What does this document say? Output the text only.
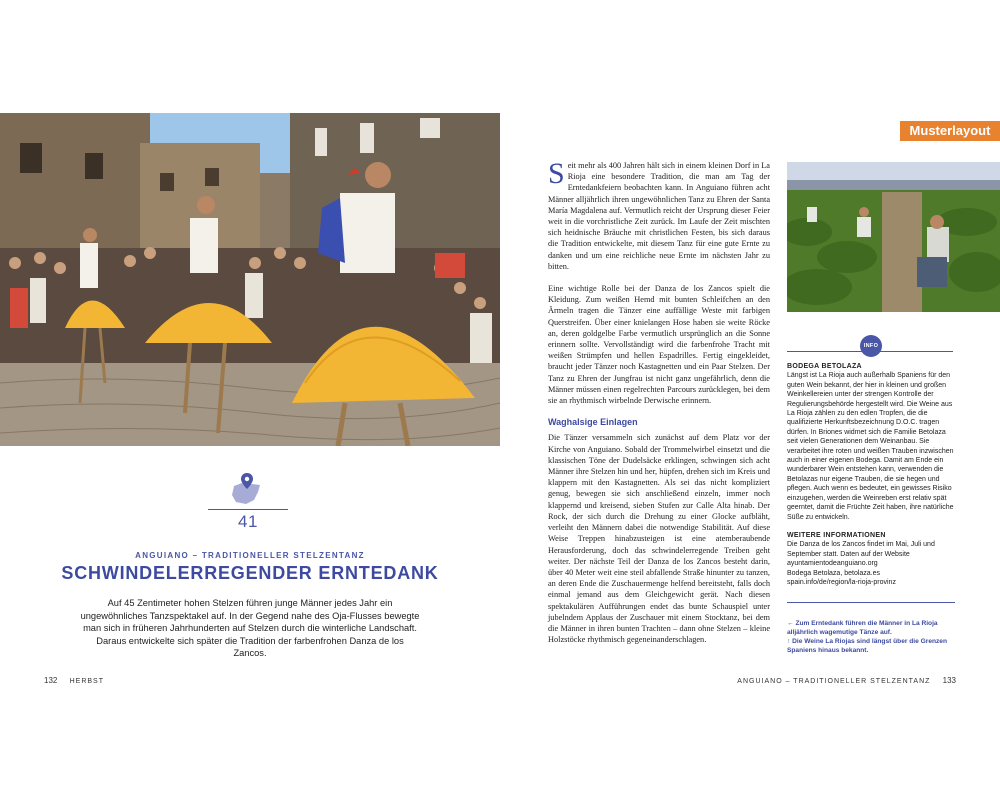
41
ANGUIANO – TRADITIONELLER STELZENTANZ
SCHWINDELERREGENDER ERNTEDANK
Auf 45 Zentimeter hohen Stelzen führen junge Männer jedes Jahr ein ungewöhnliches Tanzspektakel auf. In der Gegend nahe des Oja-Flusses bewegte man sich in früheren Jahrhunderten auf Stelzen durch die winterliche Landschaft. Daraus entwickelte sich später die Tradition der farbenfrohen Danza de los Zancos.
132 HERBST

Seit mehr als 400 Jahren hält sich in einem kleinen Dorf in La Rioja eine besondere Tradition, die man am Tag der Erntedankfeiern beobachten kann. In Anguiano führen acht Männer alljährlich ihren ungewöhnlichen Tanz zu Ehren der Santa María Magdalena auf. Vermutlich reicht der Ursprung dieser Feier weit in die vorchristliche Zeit zurück. Im Laufe der Zeit mischten sich heidnische Bräuche mit christlichen Festen, bis sich daraus die Tradition entwickelte, mit diesem Tanz für eine gute Ernte zu danken und um eine reichliche neue Ernte im nächsten Jahr zu bitten.

Eine wichtige Rolle bei der Danza de los Zancos spielt die Kleidung. Zum weißen Hemd mit bunten Schleifchen an den Ärmeln tragen die Tänzer eine auffällige Weste mit farbigen Querstreifen. Über einer knielangen Hose haben sie weite Röcke an, deren goldgelbe Farbe vermutlich ursprünglich an die Sonne erinnern sollte. Vervollständigt wird die farbenfrohe Tracht mit weißen Strümpfen und hellen Espadrilles. Fertig eingekleidet, braucht jeder Tänzer noch Kastagnetten und ein Paar Stelzen. Der Tanz zu Ehren der Jungfrau ist nicht ganz ungefährlich, denn die Männer müssen einen regelrechten Parcours zurücklegen, bei dem sie an rhythmisch wirbelnde Derwische erinnern.

Waghalsige Einlagen

Die Tänzer versammeln sich zunächst auf dem Platz vor der Kirche von Anguiano. Sobald der Trommelwirbel einsetzt und die klassischen Töne der Dudelsäcke erklingen, schwingen sich acht Männer ihre Stelzen hin und her, hüpfen, drehen sich im Kreis und klappern mit den Kastagnetten. Als sei das nicht kompliziert genug, bewegen sie sich anschließend einzeln, immer noch klappernd und kreisend, sieben Stufen zur Calle Alta hinab. Der Rock, der sich durch die Drehung zu einer Glocke aufbläht, verleiht den Männern dabei die notwendige Stabilität. Auf diese Weise Treppen hinabzusteigen ist eine atemberaubende Herausforderung, doch das schwindelerregende Treiben geht weiter. Der nächste Teil der Danza de los Zancos besteht darin, über 40 Meter weit eine steil abfallende Straße hinunter zu tanzen, an deren Ende die Zuschauermenge helfend bereitsteht, falls doch einmal jemand aus dem Gleichgewicht gerät. Nach diesen spektakulären Aufführungen endet das bunte Schauspiel unter jubelndem Applaus der Zuschauer mit einem Stocktanz, bei dem die Männer in ihren bunten Trachten – dann ohne Stelzen – kleine Holzstöcke rhythmisch gegeneinanderschlagen.

Musterlayout
INFO
BODEGA BETOLAZA

Längst ist La Rioja auch außerhalb Spaniens für den guten Wein bekannt, der hier in kleinen und großen Weinkellereien unter der strengen Kontrolle der Regulierungsbehörde hergestellt wird. Die Weine aus La Rioja zählen zu den edlen Tropfen, die die qualifizierte Herkunftsbezeichnung D.O.C. tragen dürfen. In Briones widmet sich die Familie Betolaza seit vielen Generationen dem Weinanbau. Sie verarbeitet ihre roten und weißen Trauben inzwischen auch in einer eigenen Bodega. Damit am Ende ein wunderbarer Wein entstehen kann, verwenden die Betolazas nur eigene Trauben, die sie hegen und pflegen. Auch wenn es bedeutet, ein gewisses Risiko einzugehen, werden die Weinreben erst relativ spät geerntet, damit die Früchte Zeit haben, ihre natürliche Süße zu entwickeln.

WEITERE INFORMATIONEN

Die Danza de los Zancos findet im Mai, Juli und September statt. Daten auf der Website

ayuntamientodeanguiano.org

Bodega Betolaza, betolaza.es

spain.info/de/region/la-rioja-provinz

← Zum Erntedank führen die Männer in La Rioja alljährlich wagemutige Tänze auf.

↑ Die Weine La Riojas sind längst über die Grenzen Spaniens hinaus bekannt.

ANGUIANO – TRADITIONELLER STELZENTANZ 133
